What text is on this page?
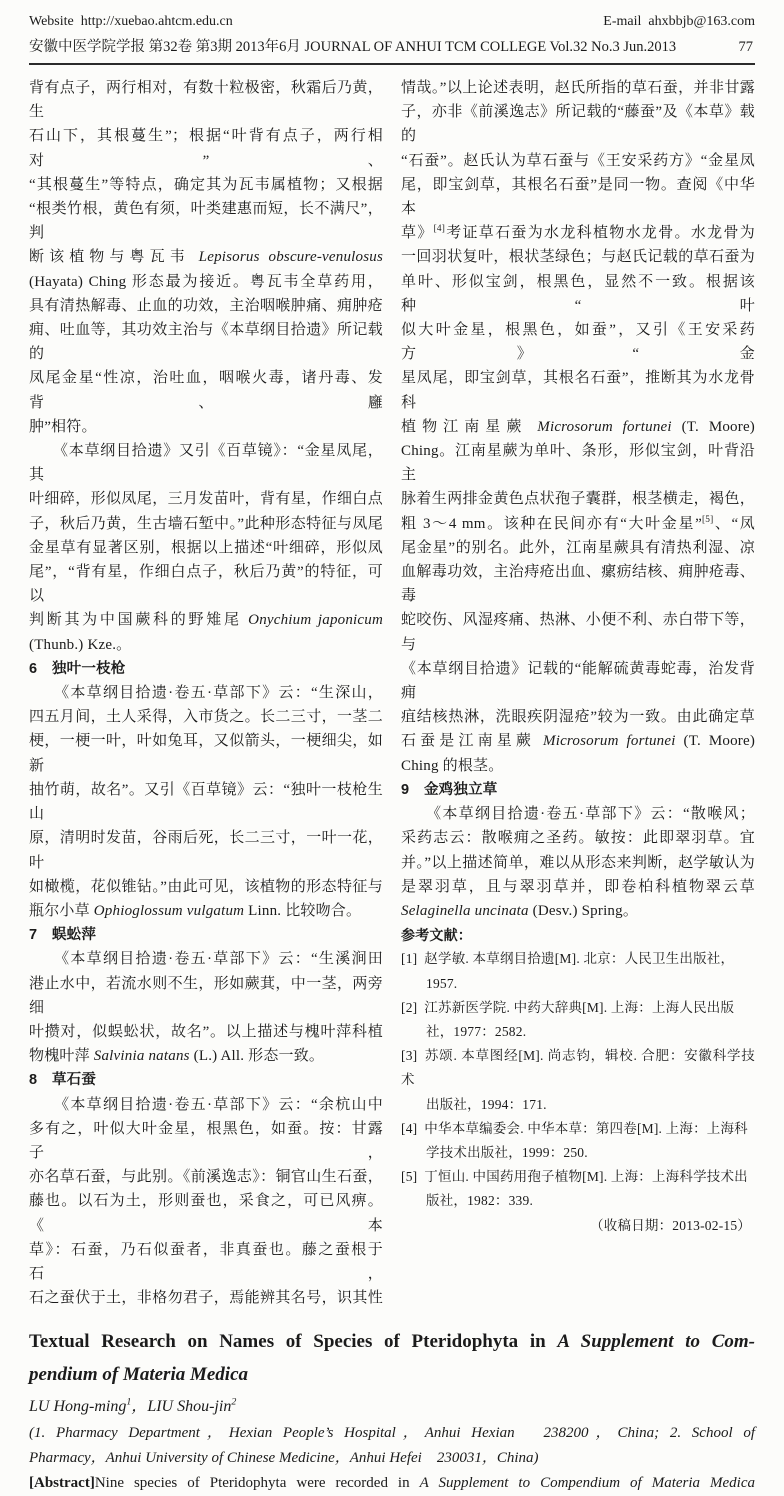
Website http://xuebao.ahtcm.edu.cn	E-mail ahxbbjb@163.com
安徽中医学院学报 第32卷 第3期 2013年6月 JOURNAL OF ANHUI TCM COLLEGE Vol.32 No.3 Jun.2013	77
背有点子，两行相对，有数十粒极密，秋霜后乃黄，生
石山下，其根蔓生”；根据“叶背有点子，两行相对”、
“其根蔓生”等特点，确定其为瓦韦属植物；又根据
“根类竹根，黄色有须，叶类建惠而短，长不满尺”，判
断该植物与粤瓦韦 Lepisorus obscure-venulosus
(Hayata) Ching 形态最为接近。粤瓦韦全草药用，
具有清热解毒、止血的功效，主治咽喉肿痛、痈肿疮
痈、吐血等，其功效主治与《本草纲目拾遗》所记载的
凤尾金星“性凉，治吐血，咽喉火毒，诸丹毒、发背、廱
肿”相符。
　　《本草纲目拾遗》又引《百草镜》：“金星凤尾，其
叶细碎，形似凤尾，三月发苗叶，背有星，作细白点
子，秋后乃黄，生古墙石堑中。”此种形态特征与凤尾
金星草有显著区别，根据以上描述“叶细碎，形似凤
尾”，“背有星，作细白点子，秋后乃黄”的特征，可以
判断其为中国蕨科的野雉尾 Onychium japonicum
(Thunb.) Kze.。
6　独叶一枝枪
　　《本草纲目拾遗·卷五·草部下》云：“生深山，
四五月间，土人采得，入市货之。长二三寸，一茎二
梗，一梗一叶，叶如兔耳，又似箭头，一梗细尖，如新
抽竹萌，故名”。又引《百草镜》云：“独叶一枝枪生山
原，清明时发苗，谷雨后死，长二三寸，一叶一花，叶
如橄榄，花似锥钻。”由此可见，该植物的形态特征与
瓶尔小草 Ophioglossum vulgatum Linn. 比较吻合。
7　蜈蚣萍
　　《本草纲目拾遗·卷五·草部下》云：“生溪涧田
港止水中，若流水则不生，形如蕨萁，中一茎，两旁细
叶攒对，似蜈蚣状，故名”。以上描述与槐叶萍科植
物槐叶萍 Salvinia natans (L.) All. 形态一致。
8　草石蚕
　　《本草纲目拾遗·卷五·草部下》云：“余杭山中
多有之，叶似大叶金星，根黑色，如蚕。按：甘露子，
亦名草石蚕，与此别。《前溪逸志》：铜官山生石蚕，
藤也。以石为土，形则蚕也，采食之，可已风痹。《本
草》：石蚕，乃石似蚕者，非真蚕也。藤之蚕根于石，
石之蚕伏于土，非格勿君子，焉能辨其名号，识其性
情哉。”以上论述表明，赵氏所指的草石蚕，并非甘露
子，亦非《前溪逸志》所记载的“藤蚕”及《本草》载的
“石蚕”。赵氏认为草石蚕与《王安采药方》“金星凤
尾，即宝剑草，其根名石蚕”是同一物。查阅《中华本
草》[4]考证草石蚕为水龙科植物水龙骨。水龙骨为
一回羽状复叶，根状茎绿色；与赵氏记载的草石蚕为
单叶、形似宝剑，根黑色，显然不一致。根据该种“叶
似大叶金星，根黑色，如蚕”，又引《王安采药方》“金
星凤尾，即宝剑草，其根名石蚕”，推断其为水龙骨科
植物江南星蕨 Microsorum fortunei (T. Moore)
Ching。江南星蕨为单叶、条形，形似宝剑，叶背沿主
脉着生两排金黄色点状孢子囊群，根茎横走，褐色，
粗 3～4 mm。该种在民间亦有“大叶金星”[5]、“凤
尾金星”的别名。此外，江南星蕨具有清热利湿、凉
血解毒功效，主治痔疮出血、瘰疬结核、痈肿疮毒、毒
蛇咬伤、风湿疼痛、热淋、小便不利、赤白带下等，与
《本草纲目拾遗》记载的“能解硫黄毒蛇毒，治发背痈
疽结核热淋，洗眼疾阴湿疮”较为一致。由此确定草
石蚕是江南星蕨 Microsorum fortunei (T. Moore)
Ching 的根茎。
9　金鸡独立草
　　《本草纲目拾遗·卷五·草部下》云：“散喉风；
采药志云：散喉痈之圣药。敏按：此即翠羽草。宜
并。”以上描述简单，难以从形态来判断，赵学敏认为
是翠羽草，且与翠羽草并，即卷柏科植物翠云草
Selaginella uncinata (Desv.) Spring。
参考文献：
[1] 赵学敏. 本草纲目拾遗[M]. 北京：人民卫生出版社，
1957.
[2] 江苏新医学院. 中药大辞典[M]. 上海：上海人民出版
社，1977：2582.
[3] 苏颂. 本草图经[M]. 尚志钧，辑校. 合肥：安徽科学技术
出版社，1994：171.
[4] 中华本草编委会. 中华本草：第四卷[M]. 上海：上海科
学技术出版社，1999：250.
[5] 丁恒山. 中国药用孢子植物[M]. 上海：上海科学技术出
版社，1982：339.
（收稿日期：2013-02-15）
Textual Research on Names of Species of Pteridophyta in A Supplement to Com-
pendium of Materia Medica
LU Hong-ming$^1$，LIU Shou-jin$^2$
(1. Pharmacy Department，Hexian People’s Hospital，Anhui Hexian　238200，China; 2. School of
Pharmacy，Anhui University of Chinese Medicine，Anhui Hefei　230031，China)
[Abstract]Nine species of Pteridophyta were recorded in A Supplement to Compendium of Materia Medica
